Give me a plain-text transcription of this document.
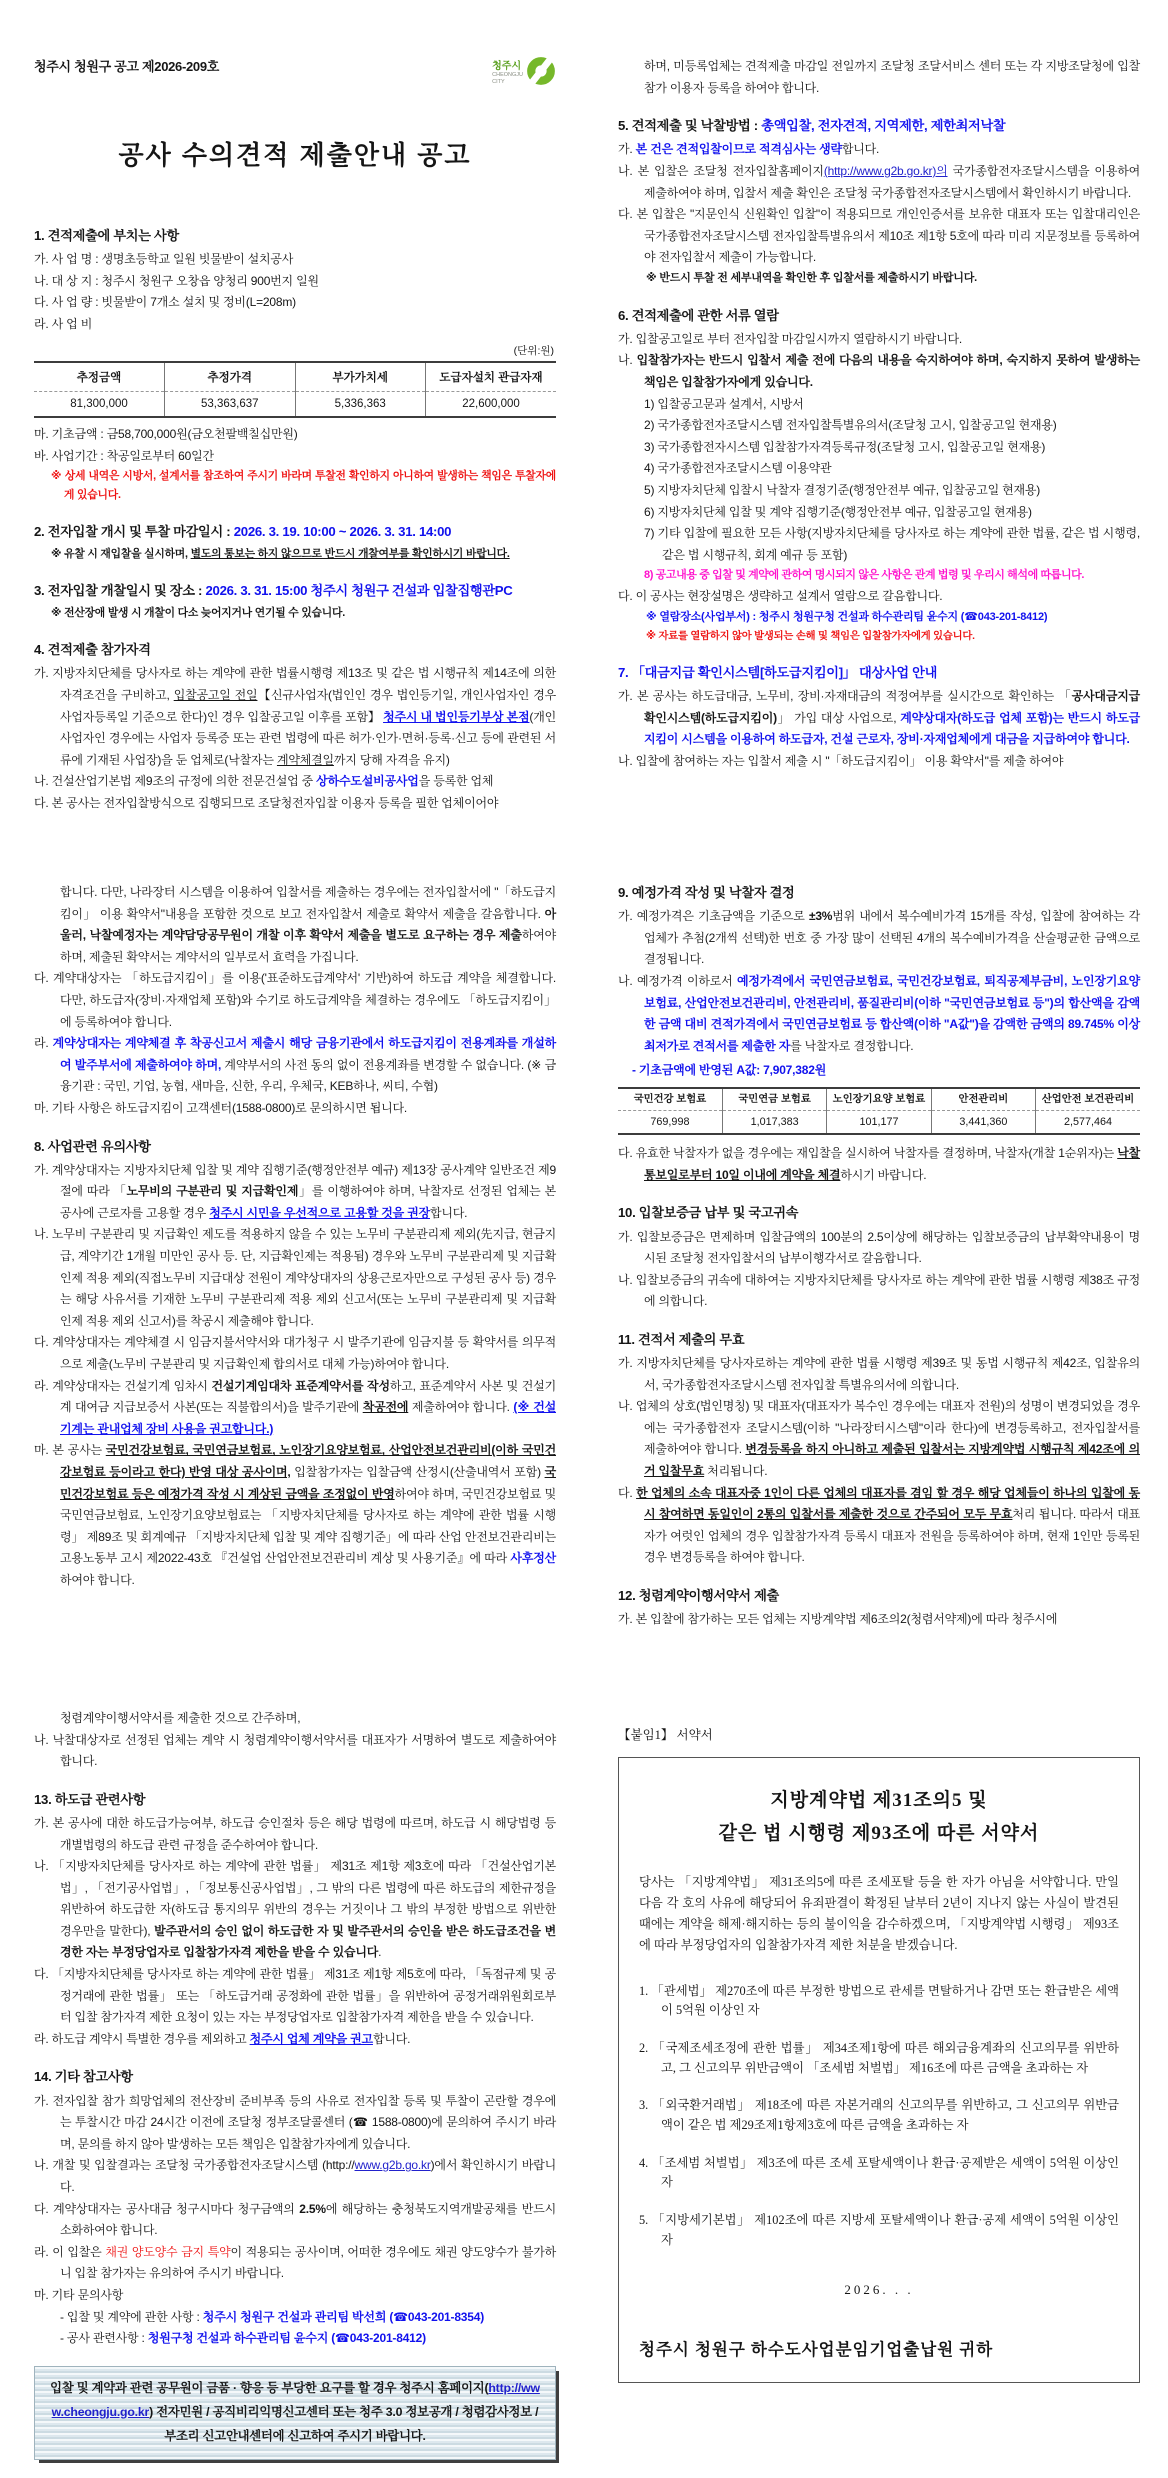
청주시 청원구 공고 제2026-209호	청주시
CHEONGJU
CITY
공사 수의견적 제출안내 공고
1. 견적제출에 부치는 사항

가. 사 업 명 : 생명초등학교 일원 빗물받이 설치공사

나. 대 상 지 : 청주시 청원구 오창읍 양청리 900번지 일원

다. 사 업 량 : 빗물받이 7개소 설치 및 정비(L=208m)

라. 사 업 비

(단위:원)
추정금액	추정가격	부가가치세	도급자설치 관급자재
81,300,000	53,363,637	5,336,363	22,600,000

마. 기초금액 : 금58,700,000원(금오천팔백칠십만원)

바. 사업기간 : 착공일로부터 60일간

※ 상세 내역은 시방서, 설계서를 참조하여 주시기 바라며 투찰전 확인하지 아니하여 발생하는 책임은 투찰자에게 있습니다.

2. 전자입찰 개시 및 투찰 마감일시 : 2026. 3. 19. 10:00 ~ 2026. 3. 31. 14:00

※ 유찰 시 재입찰을 실시하며, 별도의 통보는 하지 않으므로 반드시 개찰여부를 확인하시기 바랍니다.

3. 전자입찰 개찰일시 및 장소 : 2026. 3. 31. 15:00 청주시 청원구 건설과 입찰집행관PC

※ 전산장애 발생 시 개찰이 다소 늦어지거나 연기될 수 있습니다.

4. 견적제출 참가자격

가. 지방자치단체를 당사자로 하는 계약에 관한 법률시행령 제13조 및 같은 법 시행규칙 제14조에 의한 자격조건을 구비하고, 입찰공고일 전일【신규사업자(법인인 경우 법인등기일, 개인사업자인 경우 사업자등록일 기준으로 한다)인 경우 입찰공고일 이후를 포함】 청주시 내 법인등기부상 본점(개인사업자인 경우에는 사업자 등록증 또는 관련 법령에 따른 허가·인가·면허·등록·신고 등에 관련된 서류에 기재된 사업장)을 둔 업체로(낙찰자는 계약체결일까지 당해 자격을 유지)

나. 건설산업기본법 제9조의 규정에 의한 전문건설업 중 상하수도설비공사업을 등록한 업체

다. 본 공사는 전자입찰방식으로 집행되므로 조달청전자입찰 이용자 등록을 필한 업체이어야

하며, 미등록업체는 견적제출 마감일 전일까지 조달청 조달서비스 센터 또는 각 지방조달청에 입찰참가 이용자 등록을 하여야 합니다.

5. 견적제출 및 낙찰방법 : 총액입찰, 전자견적, 지역제한, 제한최저낙찰

가. 본 건은 견적입찰이므로 적격심사는 생략합니다.

나. 본 입찰은 조달청 전자입찰홈페이지(http://www.g2b.go.kr)의 국가종합전자조달시스템을 이용하여 제출하여야 하며, 입찰서 제출 확인은 조달청 국가종합전자조달시스템에서 확인하시기 바랍니다.

다. 본 입찰은 "지문인식 신원확인 입찰"이 적용되므로 개인인증서를 보유한 대표자 또는 입찰대리인은 국가종합전자조달시스템 전자입찰특별유의서 제10조 제1항 5호에 따라 미리 지문정보를 등록하여야 전자입찰서 제출이 가능합니다.

※ 반드시 투찰 전 세부내역을 확인한 후 입찰서를 제출하시기 바랍니다.

6. 견적제출에 관한 서류 열람

가. 입찰공고일로 부터 전자입찰 마감일시까지 열람하시기 바랍니다.

나. 입찰참가자는 반드시 입찰서 제출 전에 다음의 내용을 숙지하여야 하며, 숙지하지 못하여 발생하는 책임은 입찰참가자에게 있습니다.

1) 입찰공고문과 설계서, 시방서

2) 국가종합전자조달시스템 전자입찰특별유의서(조달청 고시, 입찰공고일 현재용)

3) 국가종합전자시스템 입찰참가자격등록규정(조달청 고시, 입찰공고일 현재용)

4) 국가종합전자조달시스템 이용약관

5) 지방자치단체 입찰시 낙찰자 결정기준(행정안전부 예규, 입찰공고일 현재용)

6) 지방자치단체 입찰 및 계약 집행기준(행정안전부 예규, 입찰공고일 현재용)

7) 기타 입찰에 필요한 모든 사항(지방자치단체를 당사자로 하는 계약에 관한 법률, 같은 법 시행령, 같은 법 시행규칙, 회계 예규 등 포함)

8) 공고내용 중 입찰 및 계약에 관하여 명시되지 않은 사항은 관계 법령 및 우리시 해석에 따릅니다.

다. 이 공사는 현장설명은 생략하고 설계서 열람으로 갈음합니다.

※ 열람장소(사업부서) : 청주시 청원구청 건설과 하수관리팀 윤수지 (☎043-201-8412)

※ 자료를 열람하지 않아 발생되는 손해 및 책임은 입찰참가자에게 있습니다.

7. 「대금지급 확인시스템[하도급지킴이]」 대상사업 안내

가. 본 공사는 하도급대금, 노무비, 장비·자재대금의 적정여부를 실시간으로 확인하는 「공사대금지급 확인시스템(하도급지킴이)」 가입 대상 사업으로, 계약상대자(하도급 업체 포함)는 반드시 하도급지킴이 시스템을 이용하여 하도급자, 건설 근로자, 장비·자재업체에게 대금을 지급하여야 합니다.

나. 입찰에 참여하는 자는 입찰서 제출 시 "「하도급지킴이」 이용 확약서"를 제출 하여야

합니다. 다만, 나라장터 시스템을 이용하여 입찰서를 제출하는 경우에는 전자입찰서에 "「하도급지킴이」 이용 확약서"내용을 포함한 것으로 보고 전자입찰서 제출로 확약서 제출을 갈음합니다. 아울러, 낙찰예정자는 계약담당공무원이 개찰 이후 확약서 제출을 별도로 요구하는 경우 제출하여야 하며, 제출된 확약서는 계약서의 일부로서 효력을 가집니다.

다. 계약대상자는 「하도급지킴이」를 이용('표준하도급계약서' 기반)하여 하도급 계약을 체결합니다. 다만, 하도급자(장비·자재업체 포함)와 수기로 하도급계약을 체결하는 경우에도 「하도급지킴이」 에 등록하여야 합니다.

라. 계약상대자는 계약체결 후 착공신고서 제출시 해당 금융기관에서 하도급지킴이 전용계좌를 개설하여 발주부서에 제출하여야 하며, 계약부서의 사전 동의 없이 전용계좌를 변경할 수 없습니다. (※ 금융기관 : 국민, 기업, 농협, 새마을, 신한, 우리, 우체국, KEB하나, 씨티, 수협)

마. 기타 사항은 하도급지킴이 고객센터(1588-0800)로 문의하시면 됩니다.

8. 사업관련 유의사항

가. 계약상대자는 지방자치단체 입찰 및 계약 집행기준(행정안전부 예규) 제13장 공사계약 일반조건 제9절에 따라 「노무비의 구분관리 및 지급확인제」를 이행하여야 하며, 낙찰자로 선정된 업체는 본 공사에 근로자를 고용할 경우 청주시 시민을 우선적으로 고용할 것을 권장합니다.

나. 노무비 구분관리 및 지급확인 제도를 적용하지 않을 수 있는 노무비 구분관리제 제외(先지급, 현금지급, 계약기간 1개월 미만인 공사 등. 단, 지급확인제는 적용됨) 경우와 노무비 구분관리제 및 지급확인제 적용 제외(직접노무비 지급대상 전원이 계약상대자의 상용근로자만으로 구성된 공사 등) 경우는 해당 사유서를 기재한 노무비 구분관리제 적용 제외 신고서(또는 노무비 구분관리제 및 지급확인제 적용 제외 신고서)를 착공시 제출해야 합니다.

다. 계약상대자는 계약체결 시 임금지불서약서와 대가청구 시 발주기관에 임금지불 등 확약서를 의무적으로 제출(노무비 구분관리 및 지급확인제 합의서로 대체 가능)하여야 합니다.

라. 계약상대자는 건설기계 임차시 건설기계임대차 표준계약서를 작성하고, 표준계약서 사본 및 건설기계 대여금 지급보증서 사본(또는 직불합의서)을 발주기관에 착공전에 제출하여야 합니다. (※ 건설기계는 관내업체 장비 사용을 권고합니다.)

마. 본 공사는 국민건강보험료, 국민연금보험료, 노인장기요양보험료, 산업안전보건관리비(이하 국민건강보험료 등이라고 한다) 반영 대상 공사이며, 입찰참가자는 입찰금액 산정시(산출내역서 포함) 국민건강보험료 등은 예정가격 작성 시 계상된 금액을 조정없이 반영하여야 하며, 국민건강보험료 및 국민연금보험료, 노인장기요양보험료는 「지방자치단체를 당사자로 하는 계약에 관한 법률 시행령」 제89조 및 회계예규 「지방자치단체 입찰 및 계약 집행기준」에 따라 산업 안전보건관리비는 고용노동부 고시 제2022-43호 『건설업 산업안전보건관리비 계상 및 사용기준』에 따라 사후정산하여야 합니다.

9. 예정가격 작성 및 낙찰자 결정

가. 예정가격은 기초금액을 기준으로 ±3%범위 내에서 복수예비가격 15개를 작성, 입찰에 참여하는 각 업체가 추첨(2개씩 선택)한 번호 중 가장 많이 선택된 4개의 복수예비가격을 산술평균한 금액으로 결정됩니다.

나. 예정가격 이하로서 예정가격에서 국민연금보험료, 국민건강보험료, 퇴직공제부금비, 노인장기요양보험료, 산업안전보건관리비, 안전관리비, 품질관리비(이하 "국민연금보험료 등")의 합산액을 감액한 금액 대비 견적가격에서 국민연금보험료 등 합산액(이하 "A값")을 감액한 금액의 89.745% 이상 최저가로 견적서를 제출한 자를 낙찰자로 결정합니다.

- 기초금액에 반영된 A값: 7,907,382원

국민건강 보험료	국민연금 보험료	노인장기요양 보험료	안전관리비	산업안전 보건관리비
769,998	1,017,383	101,177	3,441,360	2,577,464

다. 유효한 낙찰자가 없을 경우에는 재입찰을 실시하여 낙찰자를 결정하며, 낙찰자(개찰 1순위자)는 낙찰 통보일로부터 10일 이내에 계약을 체결하시기 바랍니다.

10. 입찰보증금 납부 및 국고귀속

가. 입찰보증금은 면제하며 입찰금액의 100분의 2.5이상에 해당하는 입찰보증금의 납부확약내용이 명시된 조달청 전자입찰서의 납부이행각서로 갈음합니다.

나. 입찰보증금의 귀속에 대하여는 지방자치단체를 당사자로 하는 계약에 관한 법률 시행령 제38조 규정에 의합니다.

11. 견적서 제출의 무효

가. 지방자치단체를 당사자로하는 계약에 관한 법률 시행령 제39조 및 동법 시행규칙 제42조, 입찰유의서, 국가종합전자조달시스템 전자입찰 특별유의서에 의합니다.

나. 업체의 상호(법인명칭) 및 대표자(대표자가 복수인 경우에는 대표자 전원)의 성명이 변경되었을 경우에는 국가종합전자 조달시스템(이하 "나라장터시스템"이라 한다)에 변경등록하고, 전자입찰서를 제출하여야 합니다. 변경등록을 하지 아니하고 제출된 입찰서는 지방계약법 시행규칙 제42조에 의거 입찰무효 처리됩니다.

다. 한 업체의 소속 대표자중 1인이 다른 업체의 대표자를 겸임 할 경우 해당 업체들이 하나의 입찰에 동시 참여하면 동일인이 2통의 입찰서를 제출한 것으로 간주되어 모두 무효처리 됩니다. 따라서 대표자가 여럿인 업체의 경우 입찰참가자격 등록시 대표자 전원을 등록하여야 하며, 현재 1인만 등록된 경우 변경등록을 하여야 합니다.

12. 청렴계약이행서약서 제출

가. 본 입찰에 참가하는 모든 업체는 지방계약법 제6조의2(청렴서약제)에 따라 청주시에

청렴계약이행서약서를 제출한 것으로 간주하며,

나. 낙찰대상자로 선정된 업체는 계약 시 청렴계약이행서약서를 대표자가 서명하여 별도로 제출하여야 합니다.

13. 하도급 관련사항

가. 본 공사에 대한 하도급가능여부, 하도급 승인절차 등은 해당 법령에 따르며, 하도급 시 해당법령 등 개별법령의 하도급 관련 규정을 준수하여야 합니다.

나. 「지방자치단체를 당사자로 하는 계약에 관한 법률」 제31조 제1항 제3호에 따라 「건설산업기본법」, 「전기공사업법」, 「정보통신공사업법」, 그 밖의 다른 법령에 따른 하도급의 제한규정을 위반하여 하도급한 자(하도급 통지의무 위반의 경우는 거짓이나 그 밖의 부정한 방법으로 위반한 경우만을 말한다), 발주관서의 승인 없이 하도급한 자 및 발주관서의 승인을 받은 하도급조건을 변경한 자는 부정당업자로 입찰참가자격 제한을 받을 수 있습니다.

다. 「지방자치단체를 당사자로 하는 계약에 관한 법률」 제31조 제1항 제5호에 따라, 「독점규제 및 공정거래에 관한 법률」 또는 「하도급거래 공정화에 관한 법률」을 위반하여 공정거래위원회로부터 입찰 참가자격 제한 요청이 있는 자는 부정당업자로 입찰참가자격 제한을 받을 수 있습니다.

라. 하도급 계약시 특별한 경우를 제외하고 청주시 업체 계약을 권고합니다.

14. 기타 참고사항

가. 전자입찰 참가 희망업체의 전산장비 준비부족 등의 사유로 전자입찰 등록 및 투찰이 곤란할 경우에는 투찰시간 마감 24시간 이전에 조달청 정부조달콜센터 (☎ 1588-0800)에 문의하여 주시기 바라며, 문의를 하지 않아 발생하는 모든 책임은 입찰참가자에게 있습니다.

나. 개찰 및 입찰결과는 조달청 국가종합전자조달시스템 (http://www.g2b.go.kr)에서 확인하시기 바랍니다.

다. 계약상대자는 공사대금 청구시마다 청구금액의 2.5%에 해당하는 충청북도지역개발공채를 반드시 소화하여야 합니다.

라. 이 입찰은 채권 양도양수 금지 특약이 적용되는 공사이며, 어떠한 경우에도 채권 양도양수가 불가하니 입찰 참가자는 유의하여 주시기 바랍니다.

마. 기타 문의사항

- 입찰 및 계약에 관한 사항 : 청주시 청원구 건설과 관리팀 박선희 (☎043-201-8354)

- 공사 관련사항 : 청원구청 건설과 하수관리팀 윤수지 (☎043-201-8412)

입찰 및 계약과 관련 공무원이 금품 · 향응 등 부당한 요구를 할 경우 청주시 홈페이지(http://www.cheongju.go.kr) 전자민원 / 공직비리익명신고센터 또는 청주 3.0 정보공개 / 청렴감사정보 / 부조리 신고안내센터에 신고하여 주시기 바랍니다.

【붙임1】 서약서

지방계약법 제31조의5 및
같은 법 시행령 제93조에 따른 서약서

당사는 「지방계약법」 제31조의5에 따른 조세포탈 등을 한 자가 아님을 서약합니다. 만일 다음 각 호의 사유에 해당되어 유죄판결이 확정된 날부터 2년이 지나지 않는 사실이 발견된 때에는 계약을 해제·해지하는 등의 불이익을 감수하겠으며, 「지방계약법 시행령」 제93조에 따라 부정당업자의 입찰참가자격 제한 처분을 받겠습니다.

1. 「관세법」 제270조에 따른 부정한 방법으로 관세를 면탈하거나 감면 또는 환급받은 세액이 5억원 이상인 자

2. 「국제조세조정에 관한 법률」 제34조제1항에 따른 해외금융계좌의 신고의무를 위반하고, 그 신고의무 위반금액이 「조세범 처벌법」 제16조에 따른 금액을 초과하는 자

3. 「외국환거래법」 제18조에 따른 자본거래의 신고의무를 위반하고, 그 신고의무 위반금액이 같은 법 제29조제1항제3호에 따른 금액을 초과하는 자

4. 「조세범 처벌법」 제3조에 따른 조세 포탈세액이나 환급·공제받은 세액이 5억원 이상인 자

5. 「지방세기본법」 제102조에 따른 지방세 포탈세액이나 환급·공제 세액이 5억원 이상인 자

2026. . .
청주시 청원구 하수도사업분임기업출납원 귀하
